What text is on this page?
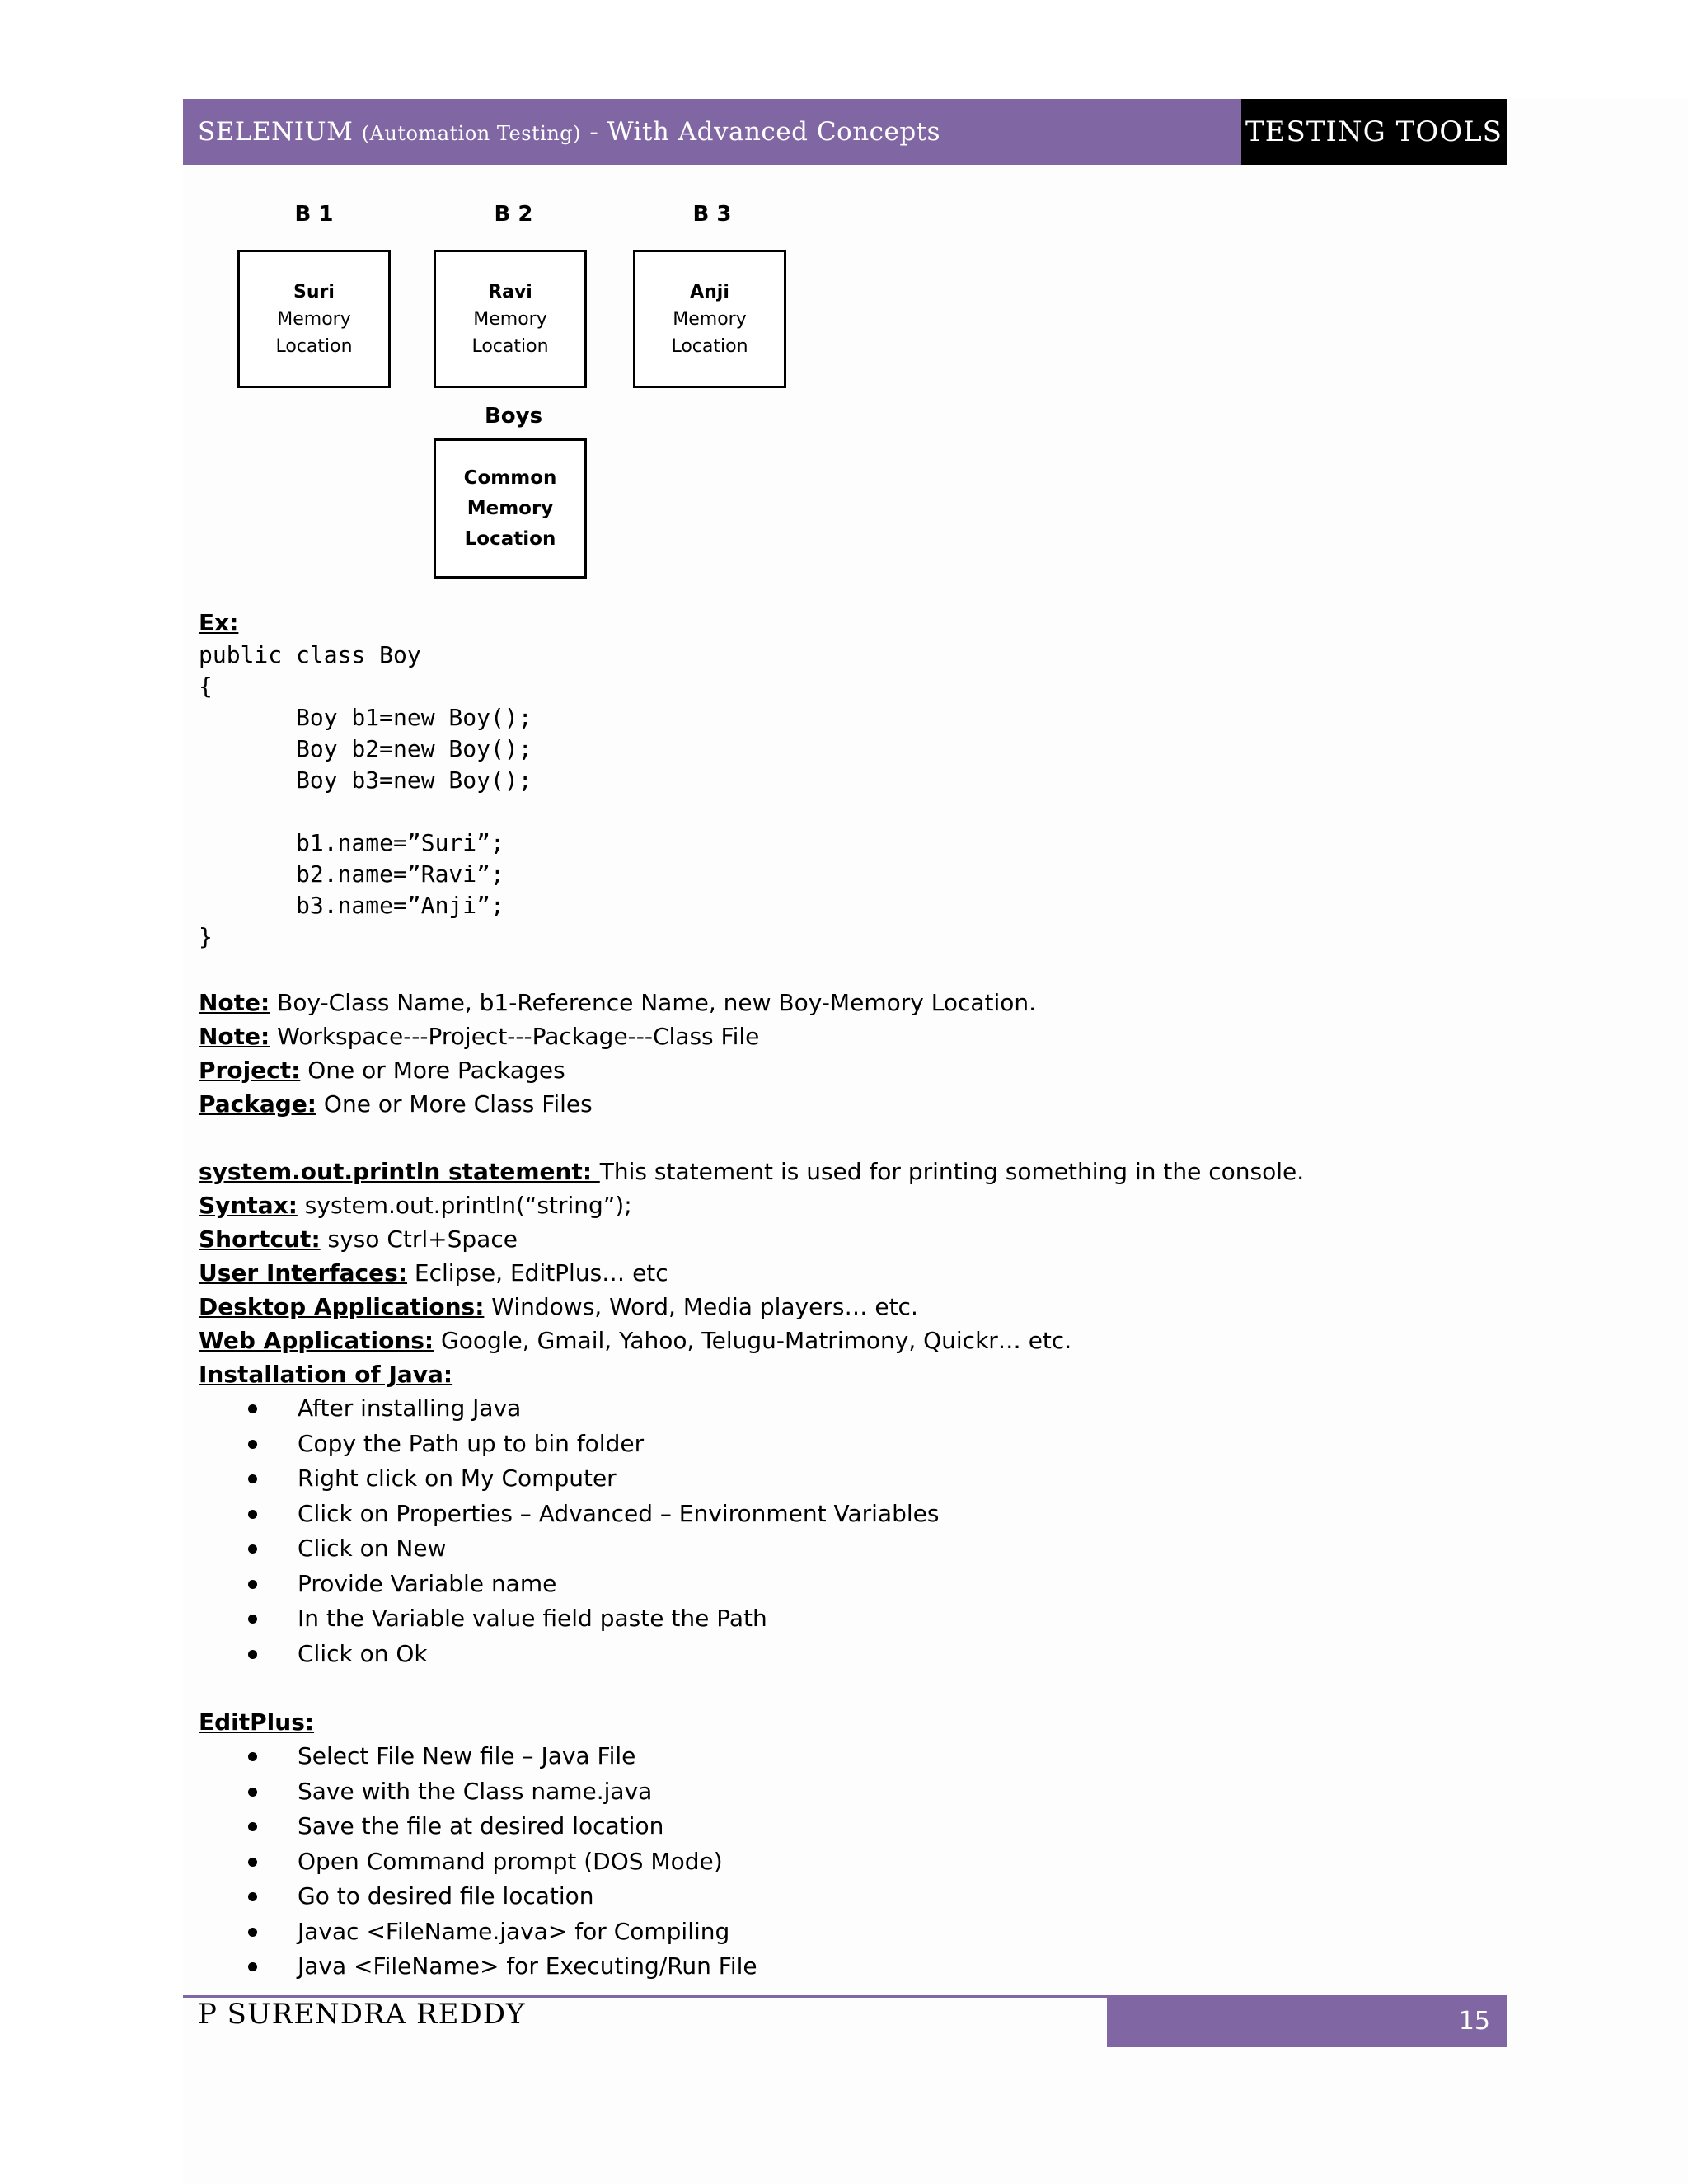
SELENIUM (Automation Testing) - With Advanced Concepts	TESTING TOOLS
B 1	B 2	B 3
Suri
Memory
Location
Ravi
Memory
Location
Anji
Memory
Location
Boys
Common
Memory
Location
Ex:
public class Boy
{
Boy b1=new Boy();
Boy b2=new Boy();
Boy b3=new Boy();

b1.name=”Suri”;
b2.name=”Ravi”;
b3.name=”Anji”;
}
Note: Boy-Class Name, b1-Reference Name, new Boy-Memory Location.
Note: Workspace---Project---Package---Class File
Project: One or More Packages
Package: One or More Class Files
system.out.println statement: This statement is used for printing something in the console.
Syntax: system.out.println(“string”);
Shortcut: syso Ctrl+Space
User Interfaces: Eclipse, EditPlus… etc
Desktop Applications: Windows, Word, Media players… etc.
Web Applications: Google, Gmail, Yahoo, Telugu-Matrimony, Quickr… etc.
Installation of Java:
After installing Java
Copy the Path up to bin folder
Right click on My Computer
Click on Properties – Advanced – Environment Variables
Click on New
Provide Variable name
In the Variable value field paste the Path
Click on Ok
EditPlus:
Select File New file – Java File
Save with the Class name.java
Save the file at desired location
Open Command prompt (DOS Mode)
Go to desired file location
Javac <FileName.java> for Compiling
Java <FileName> for Executing/Run File
P SURENDRA REDDY	15
